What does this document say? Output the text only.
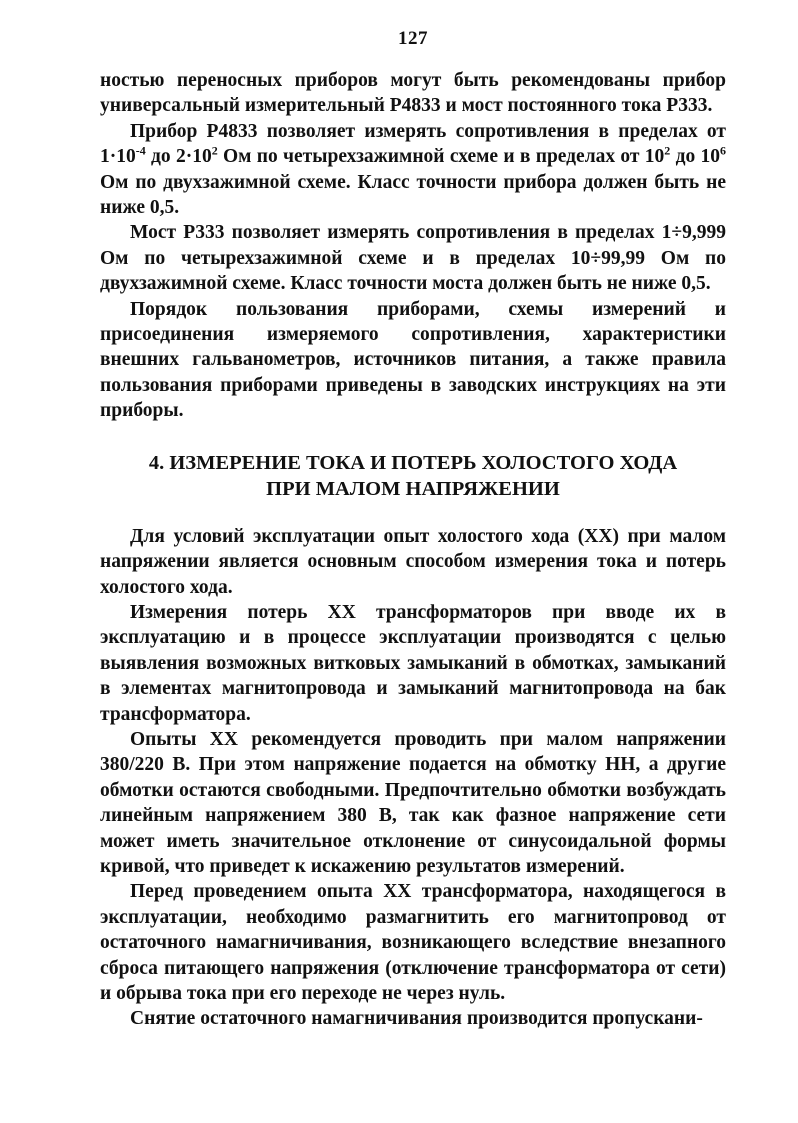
127

ностью переносных приборов могут быть рекомендованы прибор универсальный измерительный Р4833 и мост постоянного тока Р333.

Прибор Р4833 позволяет измерять сопротивления в пределах от $1\cdot 10^{-4}$ до $2\cdot 10^2$ Ом по четырехзажимной схеме и в пределах от $10^2$ до $10^6$ Ом по двухзажимной схеме. Класс точности прибора должен быть не ниже 0,5.

Мост Р333 позволяет измерять сопротивления в пределах 1÷9,999 Ом по четырехзажимной схеме и в пределах 10÷99,99 Ом по двухзажимной схеме. Класс точности моста должен быть не ниже 0,5.

Порядок пользования приборами, схемы измерений и присоединения измеряемого сопротивления, характеристики внешних гальванометров, источников питания, а также правила пользования приборами приведены в заводских инструкциях на эти приборы.

4. ИЗМЕРЕНИЕ ТОКА И ПОТЕРЬ ХОЛОСТОГО ХОДА
ПРИ МАЛОМ НАПРЯЖЕНИИ

Для условий эксплуатации опыт холостого хода (XX) при малом напряжении является основным способом измерения тока и потерь холостого хода.

Измерения потерь XX трансформаторов при вводе их в эксплуатацию и в процессе эксплуатации производятся с целью выявления возможных витковых замыканий в обмотках, замыканий в элементах магнитопровода и замыканий магнитопровода на бак трансформатора.

Опыты XX рекомендуется проводить при малом напряжении 380/220 В. При этом напряжение подается на обмотку НН, а другие обмотки остаются свободными. Предпочтительно обмотки возбуждать линейным напряжением 380 В, так как фазное напряжение сети может иметь значительное отклонение от синусоидальной формы кривой, что приведет к искажению результатов измерений.

Перед проведением опыта XX трансформатора, находящегося в эксплуатации, необходимо размагнитить его магнитопровод от остаточного намагничивания, возникающего вследствие внезапного сброса питающего напряжения (отключение трансформатора от сети) и обрыва тока при его переходе не через нуль.

Снятие остаточного намагничивания производится пропускани-
